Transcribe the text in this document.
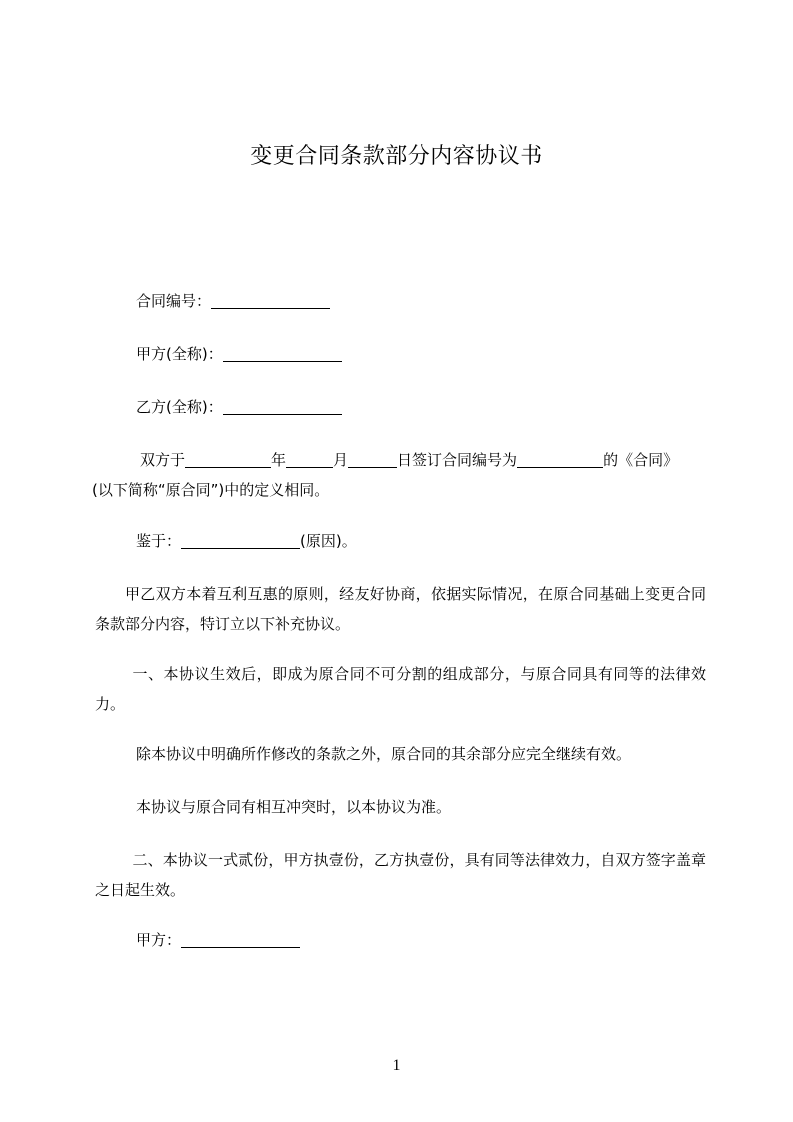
变更合同条款部分内容协议书
合同编号：
甲方(全称)：
乙方(全称)：
双方于	年	月	日签订合同编号为	的《合同》
(以下简称“原合同”)中的定义相同。
鉴于：	(原因)。
甲乙双方本着互利互惠的原则，经友好协商，依据实际情况，在原合同基础上变更合同条款部分内容，特订立以下补充协议。
一、本协议生效后，即成为原合同不可分割的组成部分，与原合同具有同等的法律效力。
除本协议中明确所作修改的条款之外，原合同的其余部分应完全继续有效。
本协议与原合同有相互冲突时，以本协议为准。
二、本协议一式贰份，甲方执壹份，乙方执壹份，具有同等法律效力，自双方签字盖章之日起生效。
甲方：
1
